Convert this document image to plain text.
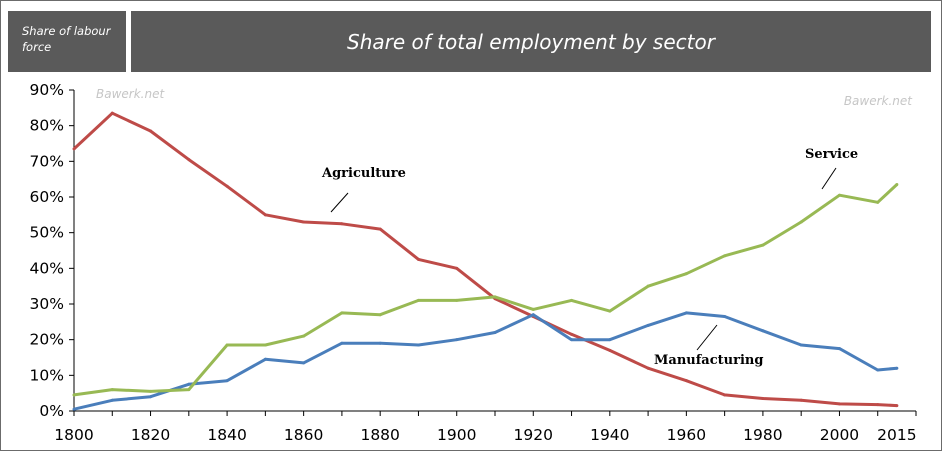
Share of labour force	Share of total employment by sector
0%
10%
20%
30%
40%
50%
60%
70%
80%
90%
1800 1820 1840 1860 1880 1900 1920 1940 1960 1980 2000 2015
Bawerk.net	Bawerk.net
Agriculture
Service
Manufacturing
